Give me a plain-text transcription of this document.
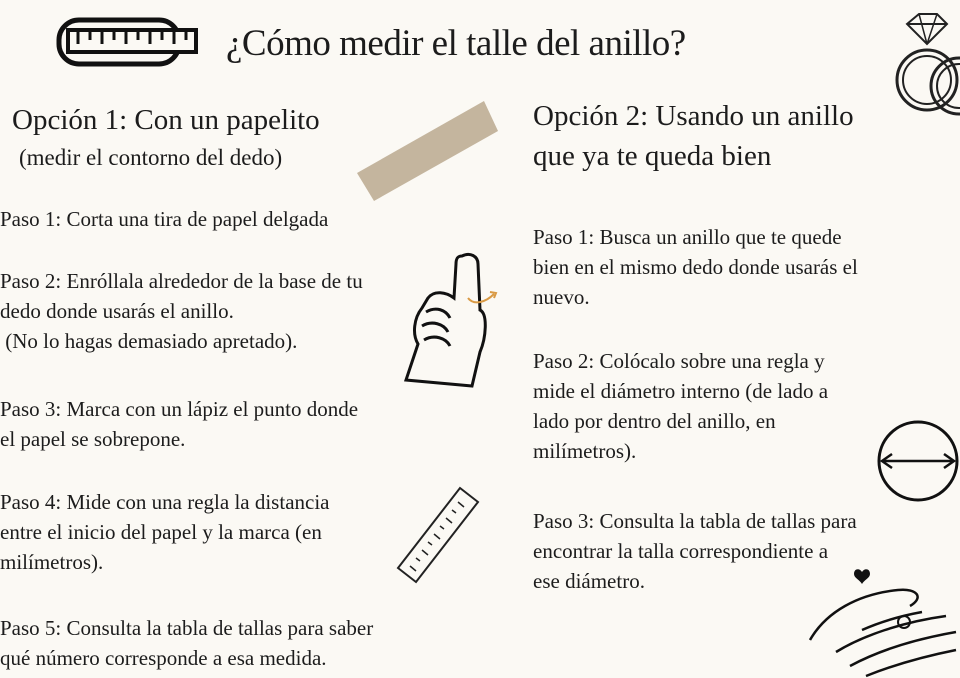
¿Cómo medir el talle del anillo?
Opción 1: Con un papelito
(medir el contorno del dedo)

Paso 1: Corta una tira de papel delgada

Paso 2: Enróllala alrededor de la base de tu
dedo donde usarás el anillo.
(No lo hagas demasiado apretado).

Paso 3: Marca con un lápiz el punto donde
el papel se sobrepone.

Paso 4: Mide con una regla la distancia
entre el inicio del papel y la marca (en
milímetros).

Paso 5: Consulta la tabla de tallas para saber
qué número corresponde a esa medida.

Opción 2: Usando un anillo
que ya te queda bien

Paso 1: Busca un anillo que te quede
bien en el mismo dedo donde usarás el
nuevo.

Paso 2: Colócalo sobre una regla y
mide el diámetro interno (de lado a
lado por dentro del anillo, en
milímetros).

Paso 3: Consulta la tabla de tallas para
encontrar la talla correspondiente a
ese diámetro.
